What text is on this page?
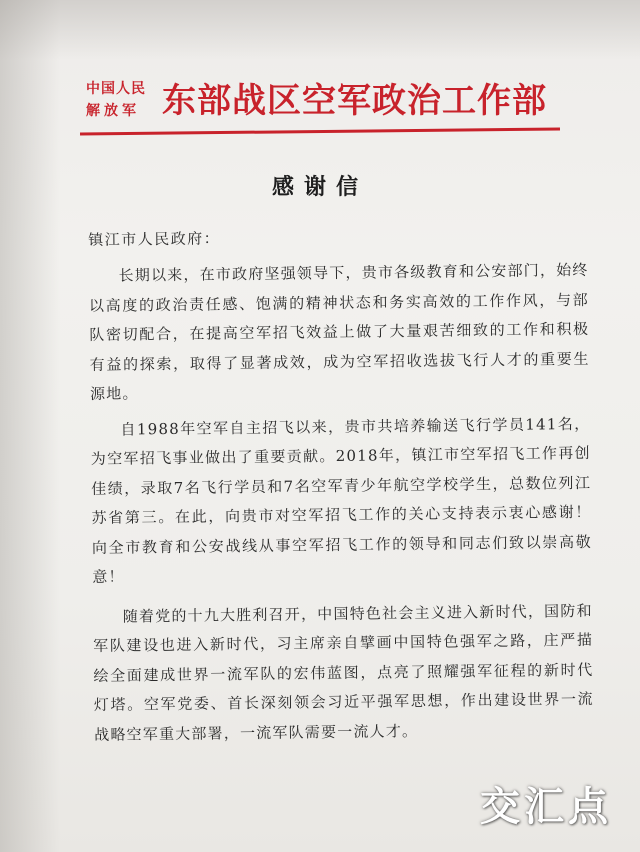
中国人民
解放军 东部战区空军政治工作部
感谢信

镇江市人民政府：

长期以来，在市政府坚强领导下，贵市各级教育和公安部门，始终以高度的政治责任感、饱满的精神状态和务实高效的工作作风，与部队密切配合，在提高空军招飞效益上做了大量艰苦细致的工作和积极有益的探索，取得了显著成效，成为空军招收选拔飞行人才的重要生源地。

自1988年空军自主招飞以来，贵市共培养输送飞行学员141名，为空军招飞事业做出了重要贡献。2018年，镇江市空军招飞工作再创佳绩，录取7名飞行学员和7名空军青少年航空学校学生，总数位列江苏省第三。在此，向贵市对空军招飞工作的关心支持表示衷心感谢！向全市教育和公安战线从事空军招飞工作的领导和同志们致以崇高敬意！

随着党的十九大胜利召开，中国特色社会主义进入新时代，国防和军队建设也进入新时代，习主席亲自擘画中国特色强军之路，庄严描绘全面建成世界一流军队的宏伟蓝图，点亮了照耀强军征程的新时代灯塔。空军党委、首长深刻领会习近平强军思想，作出建设世界一流战略空军重大部署，一流军队需要一流人才。

交汇点
